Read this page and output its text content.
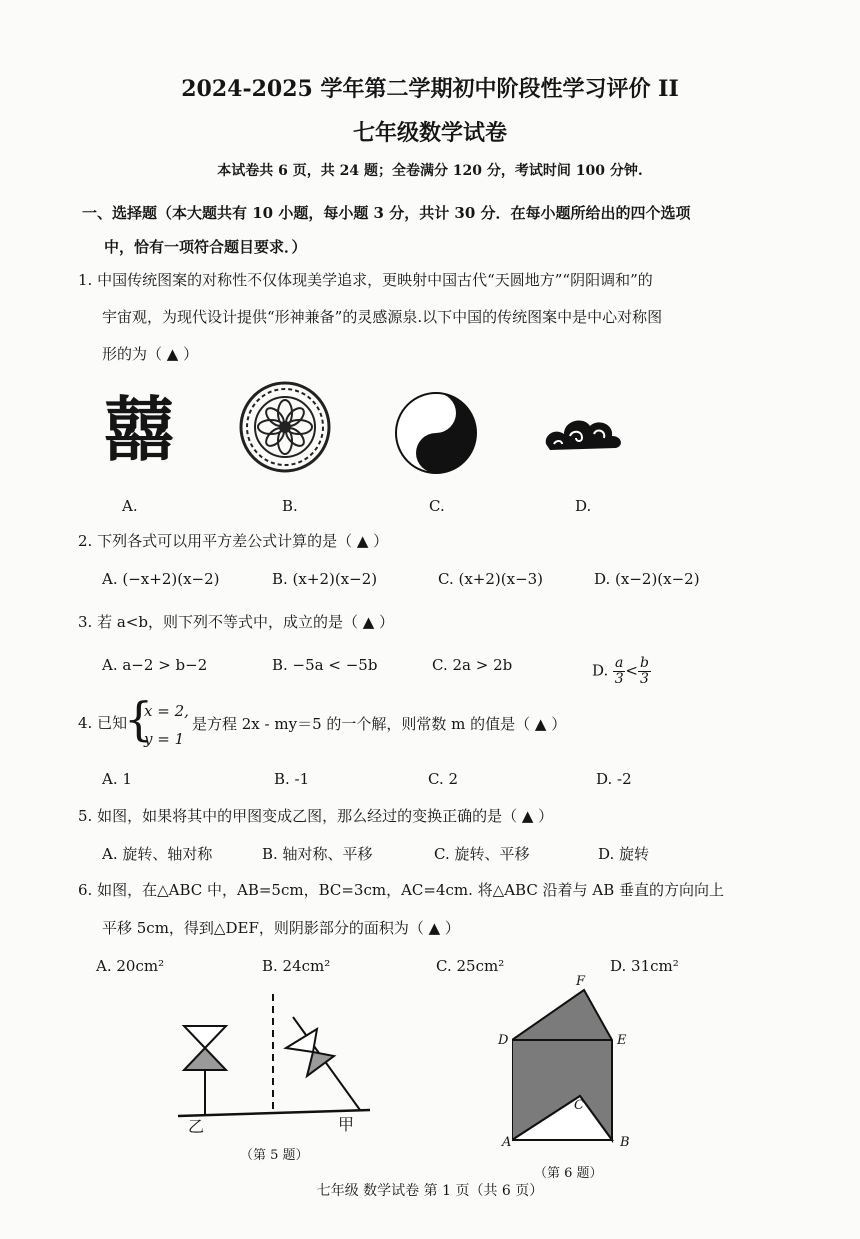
2024-2025 学年第二学期初中阶段性学习评价 II
七年级数学试卷
本试卷共 6 页，共 24 题；全卷满分 120 分，考试时间 100 分钟.
一、选择题（本大题共有 10 小题，每小题 3 分，共计 30 分．在每小题所给出的四个选项
中，恰有一项符合题目要求．）
1. 中国传统图案的对称性不仅体现美学追求，更映射中国古代“天圆地方”“阴阳调和”的
宇宙观，为现代设计提供“形神兼备”的灵感源泉.以下中国的传统图案中是中心对称图
形的为（ ▲ ）
囍
A.	B.	C.	D.
2. 下列各式可以用平方差公式计算的是（ ▲ ）
A. (−x+2)(x−2)	B. (x+2)(x−2)	C. (x+2)(x−3)	D. (x−2)(x−2)
3. 若 a<b，则下列不等式中，成立的是（ ▲ ）
A. a−2 > b−2	B. −5a < −5b	C. 2a > 2b	D. $\frac{a}{3} < \frac{b}{3}$
4. 已知
{
x = 2,
y = 1
是方程 2x - my＝5 的一个解，则常数 m 的值是（ ▲ ）
A. 1	B. -1	C. 2	D. -2
5. 如图，如果将其中的甲图变成乙图，那么经过的变换正确的是（ ▲ ）
A. 旋转、轴对称	B. 轴对称、平移	C. 旋转、平移	D. 旋转
6. 如图，在△ABC 中，AB=5cm，BC=3cm，AC=4cm. 将△ABC 沿着与 AB 垂直的方向向上
平移 5cm，得到△DEF，则阴影部分的面积为（ ▲ ）
A. 20cm²	B. 24cm²	C. 25cm²	D. 31cm²
乙	甲
（第 5 题）
F
D	E
C
A	B
（第 6 题）
七年级 数学试卷 第 1 页（共 6 页）
